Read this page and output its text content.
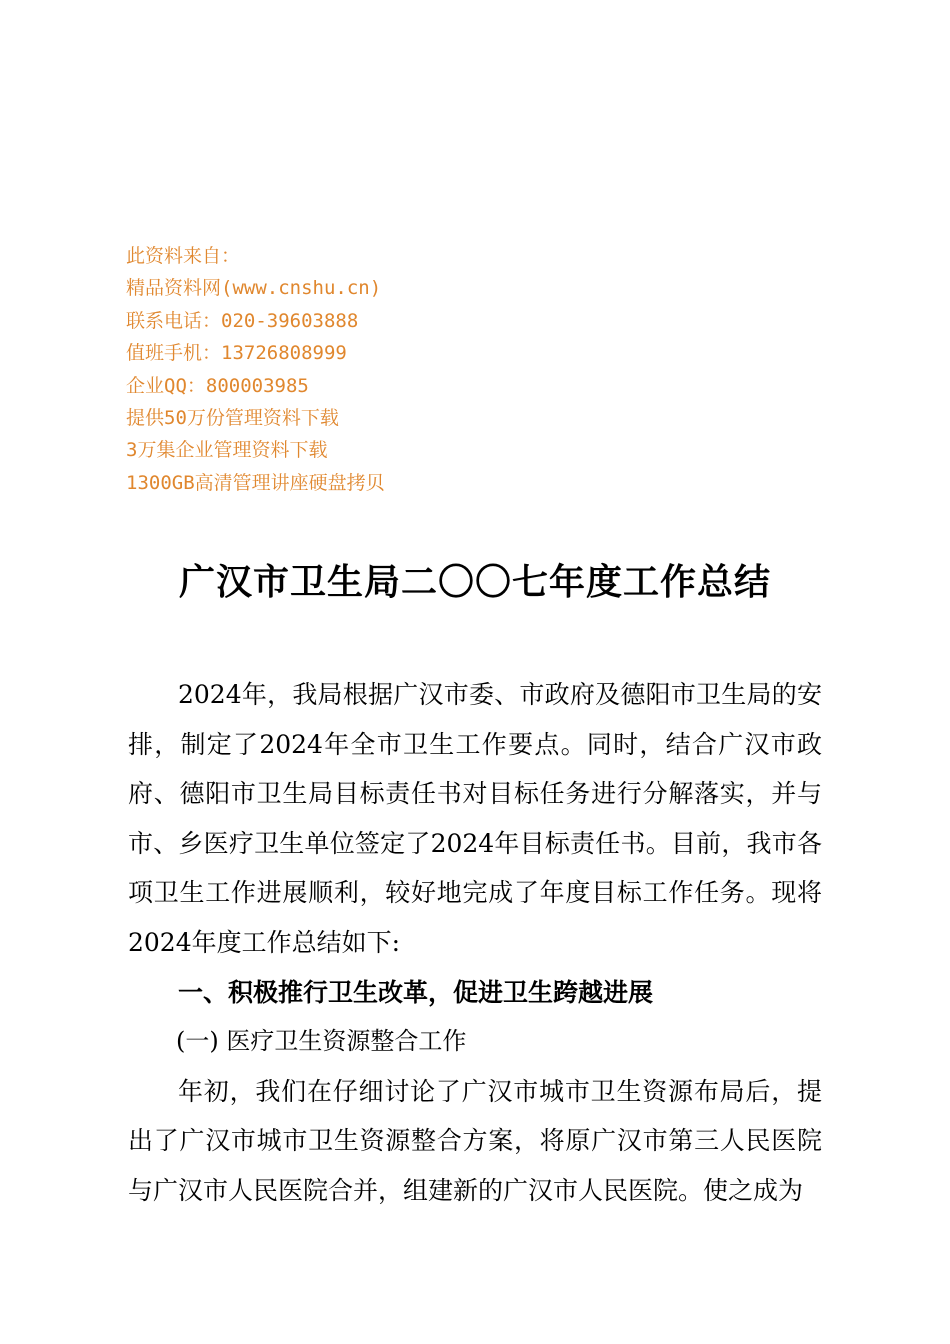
此资料来自：
精品资料网(www.cnshu.cn)
联系电话：020-39603888
值班手机：13726808999
企业QQ：800003985
提供50万份管理资料下载
3万集企业管理资料下载
1300GB高清管理讲座硬盘拷贝
广汉市卫生局二〇〇七年度工作总结

2024年，我局根据广汉市委、市政府及德阳市卫生局的安排，制定了2024年全市卫生工作要点。同时，结合广汉市政府、德阳市卫生局目标责任书对目标任务进行分解落实，并与市、乡医疗卫生单位签定了2024年目标责任书。目前，我市各项卫生工作进展顺利，较好地完成了年度目标工作任务。现将2024年度工作总结如下:

一、积极推行卫生改革，促进卫生跨越进展

(一) 医疗卫生资源整合工作

年初，我们在仔细讨论了广汉市城市卫生资源布局后，提出了广汉市城市卫生资源整合方案，将原广汉市第三人民医院与广汉市人民医院合并，组建新的广汉市人民医院。使之成为
